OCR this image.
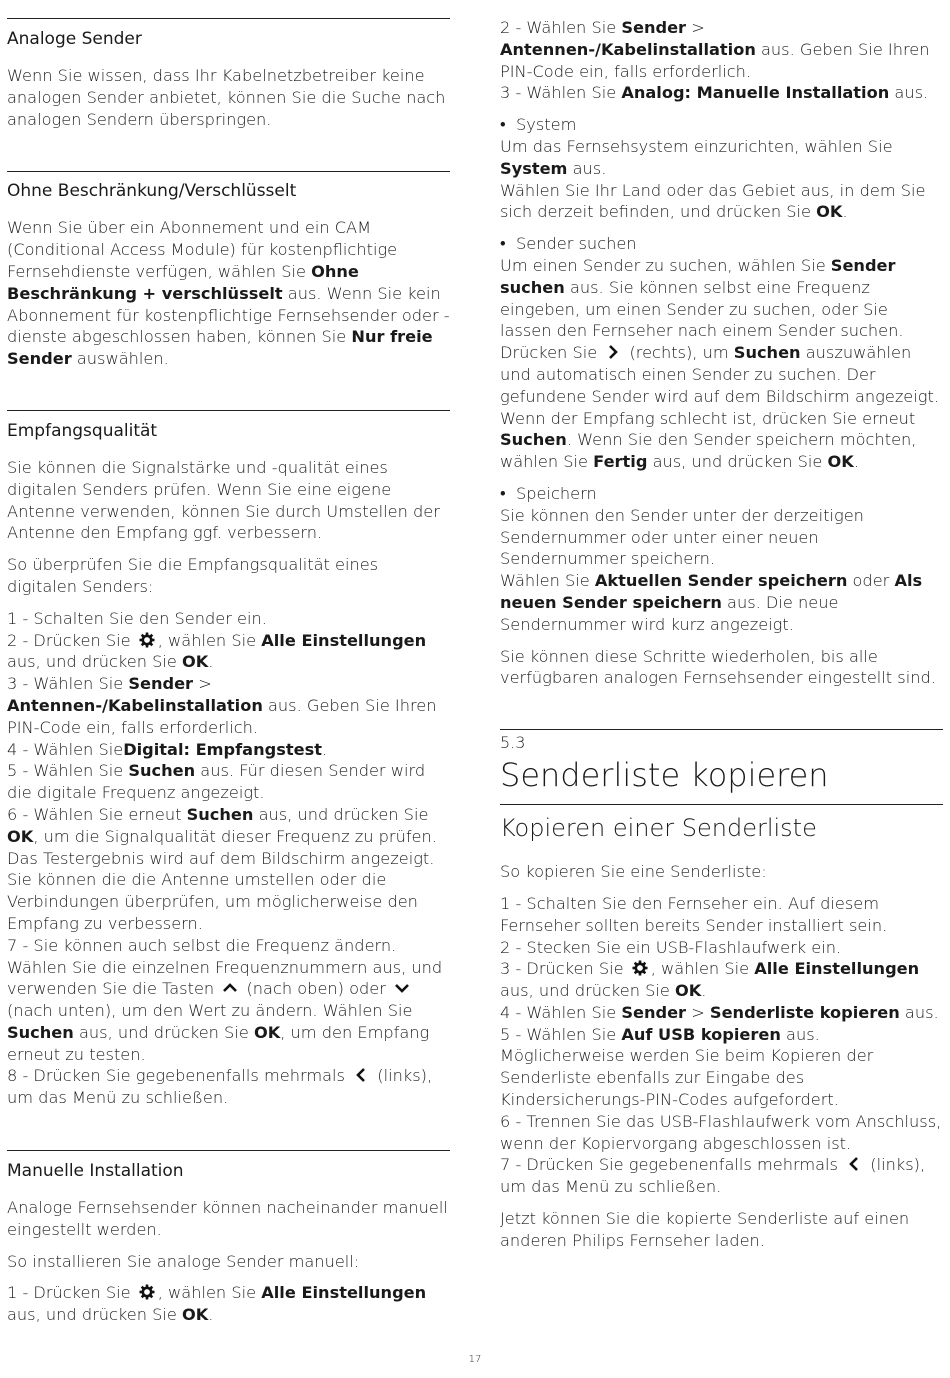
17
Analoge Sender

Wenn Sie wissen, dass Ihr Kabelnetzbetreiber keine analogen Sender anbietet, können Sie die Suche nach analogen Sendern überspringen.

Ohne Beschränkung/Verschlüsselt

Wenn Sie über ein Abonnement und ein CAM (Conditional Access Module) für kostenpflichtige Fernsehdienste verfügen, wählen Sie Ohne Beschränkung + verschlüsselt aus. Wenn Sie kein Abonnement für kostenpflichtige Fernsehsender oder -dienste abgeschlossen haben, können Sie Nur freie Sender auswählen.

Empfangsqualität

Sie können die Signalstärke und -qualität eines digitalen Senders prüfen. Wenn Sie eine eigene Antenne verwenden, können Sie durch Umstellen der Antenne den Empfang ggf. verbessern.

So überprüfen Sie die Empfangsqualität eines digitalen Senders:

1 - Schalten Sie den Sender ein.

2 - Drücken Sie , wählen Sie Alle Einstellungen aus, und drücken Sie OK.

3 - Wählen Sie Sender > Antennen-/Kabelinstallation aus. Geben Sie Ihren PIN-Code ein, falls erforderlich.

4 - Wählen SieDigital: Empfangstest.

5 - Wählen Sie Suchen aus. Für diesen Sender wird die digitale Frequenz angezeigt.

6 - Wählen Sie erneut Suchen aus, und drücken Sie OK, um die Signalqualität dieser Frequenz zu prüfen. Das Testergebnis wird auf dem Bildschirm angezeigt. Sie können die die Antenne umstellen oder die Verbindungen überprüfen, um möglicherweise den Empfang zu verbessern.

7 - Sie können auch selbst die Frequenz ändern. Wählen Sie die einzelnen Frequenznummern aus, und verwenden Sie die Tasten  (nach oben) oder  (nach unten), um den Wert zu ändern. Wählen Sie Suchen aus, und drücken Sie OK, um den Empfang erneut zu testen.

8 - Drücken Sie gegebenenfalls mehrmals  (links), um das Menü zu schließen.

Manuelle Installation

Analoge Fernsehsender können nacheinander manuell eingestellt werden.

So installieren Sie analoge Sender manuell:

1 - Drücken Sie , wählen Sie Alle Einstellungen aus, und drücken Sie OK.

2 - Wählen Sie Sender > Antennen-/Kabelinstallation aus. Geben Sie Ihren PIN-Code ein, falls erforderlich.

3 - Wählen Sie Analog: Manuelle Installation aus.

•  System

Um das Fernsehsystem einzurichten, wählen Sie System aus.

Wählen Sie Ihr Land oder das Gebiet aus, in dem Sie sich derzeit befinden, und drücken Sie OK.

•  Sender suchen

Um einen Sender zu suchen, wählen Sie Sender suchen aus. Sie können selbst eine Frequenz eingeben, um einen Sender zu suchen, oder Sie lassen den Fernseher nach einem Sender suchen. Drücken Sie  (rechts), um Suchen auszuwählen und automatisch einen Sender zu suchen. Der gefundene Sender wird auf dem Bildschirm angezeigt. Wenn der Empfang schlecht ist, drücken Sie erneut Suchen. Wenn Sie den Sender speichern möchten, wählen Sie Fertig aus, und drücken Sie OK.

•  Speichern

Sie können den Sender unter der derzeitigen Sendernummer oder unter einer neuen Sendernummer speichern.

Wählen Sie Aktuellen Sender speichern oder Als neuen Sender speichern aus. Die neue Sendernummer wird kurz angezeigt.

Sie können diese Schritte wiederholen, bis alle verfügbaren analogen Fernsehsender eingestellt sind.

5.3
Senderliste kopieren
Kopieren einer Senderliste

So kopieren Sie eine Senderliste:

1 - Schalten Sie den Fernseher ein. Auf diesem Fernseher sollten bereits Sender installiert sein.

2 - Stecken Sie ein USB-Flashlaufwerk ein.

3 - Drücken Sie , wählen Sie Alle Einstellungen aus, und drücken Sie OK.

4 - Wählen Sie Sender > Senderliste kopieren aus.

5 - Wählen Sie Auf USB kopieren aus. Möglicherweise werden Sie beim Kopieren der Senderliste ebenfalls zur Eingabe des Kindersicherungs-PIN-Codes aufgefordert.

6 - Trennen Sie das USB-Flashlaufwerk vom Anschluss, wenn der Kopiervorgang abgeschlossen ist.

7 - Drücken Sie gegebenenfalls mehrmals  (links), um das Menü zu schließen.

Jetzt können Sie die kopierte Senderliste auf einen anderen Philips Fernseher laden.
